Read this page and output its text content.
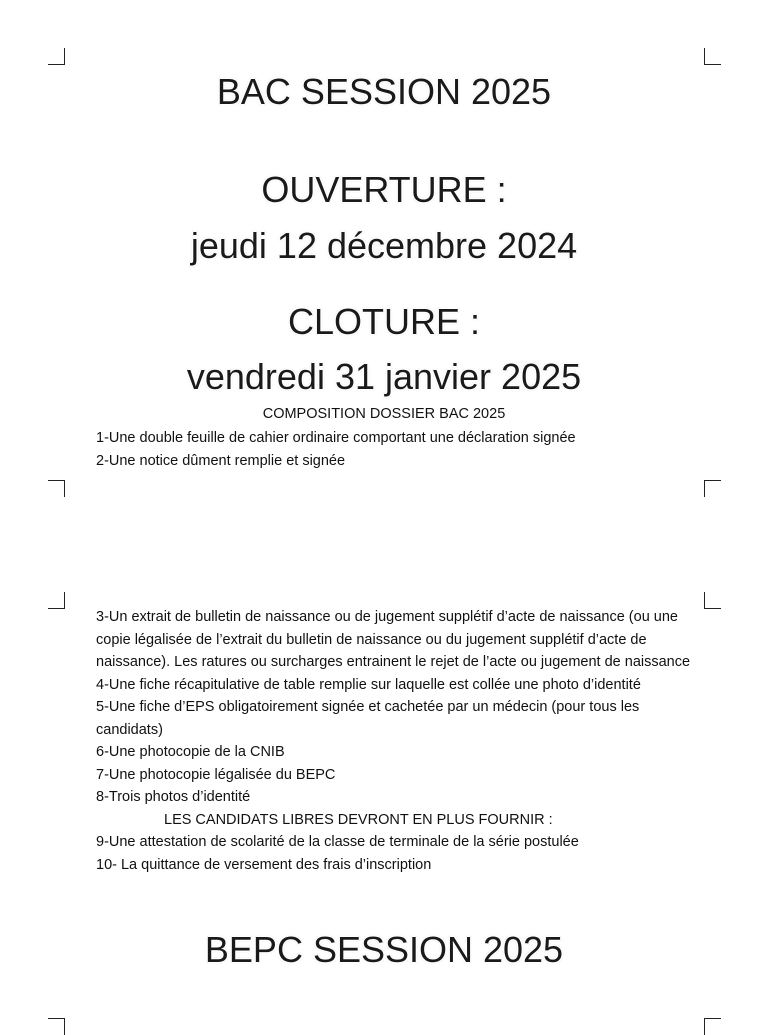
BAC SESSION 2025
OUVERTURE :
jeudi 12 décembre 2024
CLOTURE :
vendredi 31 janvier 2025
COMPOSITION DOSSIER BAC 2025
1-Une double feuille de cahier ordinaire comportant une déclaration signée
2-Une notice dûment remplie et signée
3-Un extrait de bulletin de naissance ou de jugement supplétif d’acte de naissance (ou une copie légalisée de l’extrait du bulletin de naissance ou du jugement supplétif d’acte de naissance). Les ratures ou surcharges entrainent le rejet de l’acte ou jugement de naissance
4-Une fiche récapitulative de table remplie sur laquelle est collée une photo d’identité
5-Une fiche d’EPS obligatoirement signée et cachetée par un médecin (pour tous les candidats)
6-Une photocopie de la CNIB
7-Une photocopie légalisée du BEPC
8-Trois photos d’identité
LES CANDIDATS LIBRES DEVRONT EN PLUS FOURNIR :
9-Une attestation de scolarité de la classe de terminale de la série postulée
10- La quittance de versement des frais d’inscription
BEPC SESSION 2025
